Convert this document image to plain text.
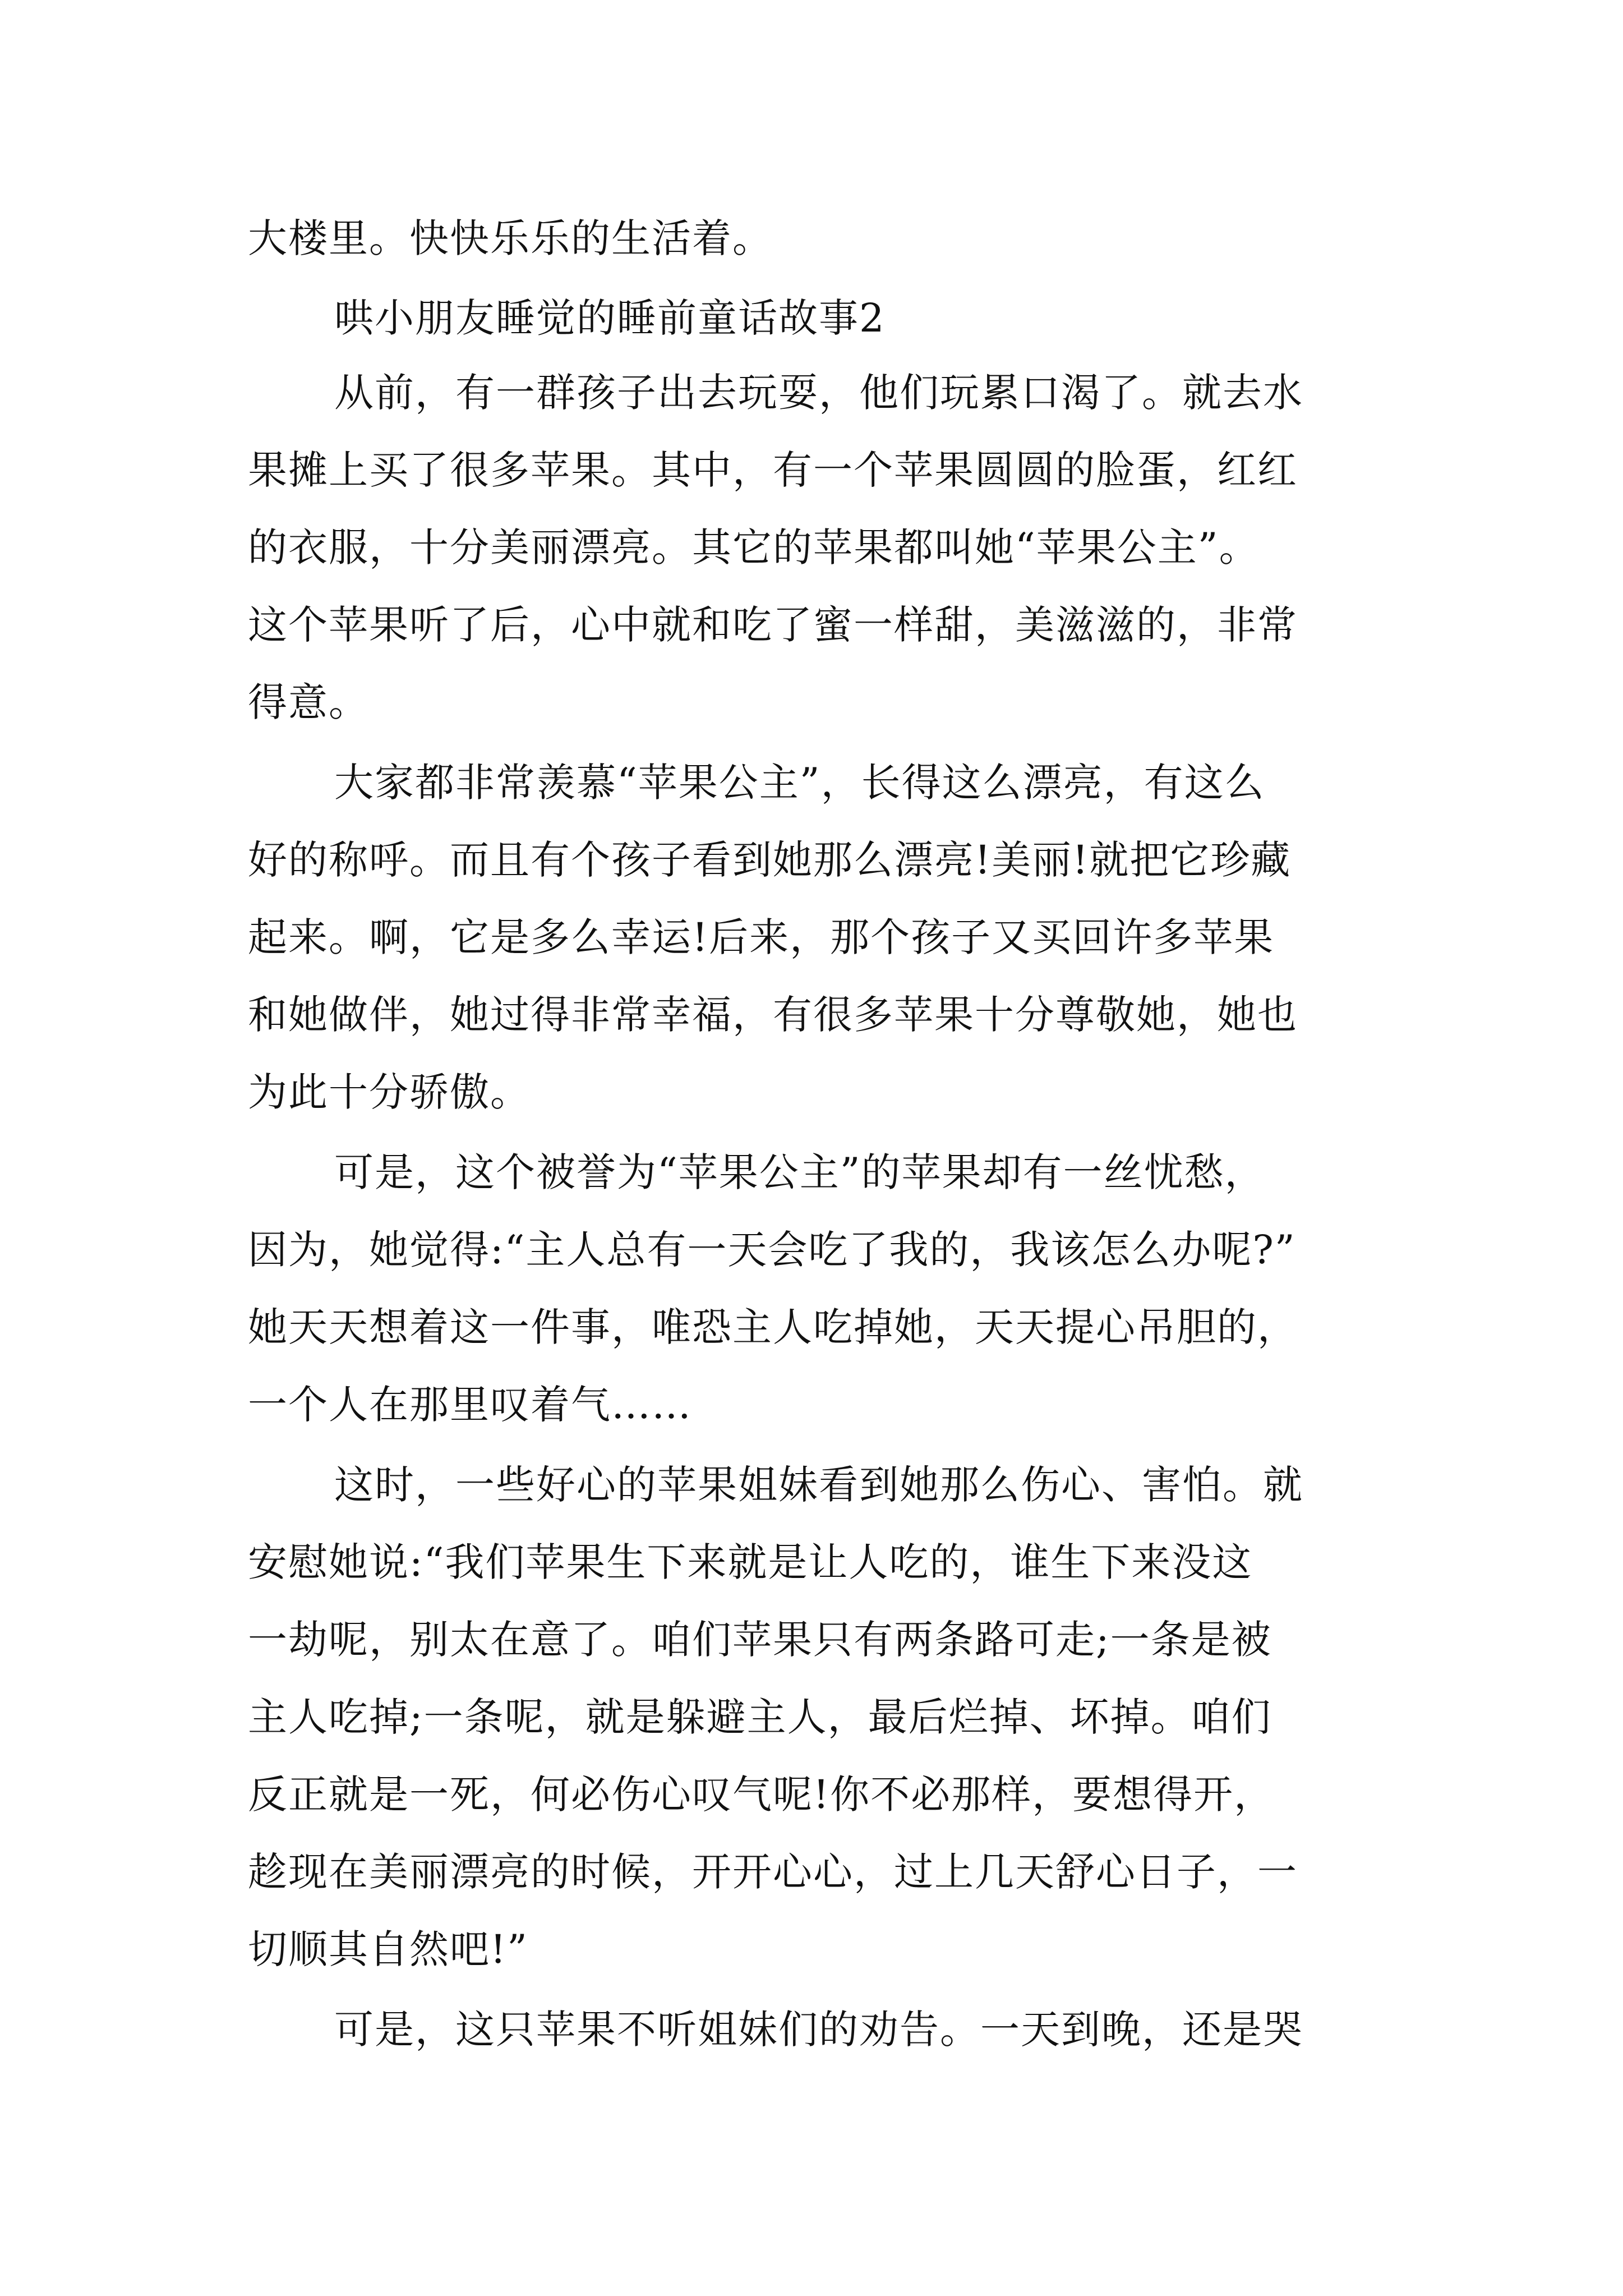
大楼里。快快乐乐的生活着。
哄小朋友睡觉的睡前童话故事2
从前，有一群孩子出去玩耍，他们玩累口渴了。就去水
果摊上买了很多苹果。其中，有一个苹果圆圆的脸蛋，红红
的衣服，十分美丽漂亮。其它的苹果都叫她“苹果公主”。
这个苹果听了后，心中就和吃了蜜一样甜，美滋滋的，非常
得意。
大家都非常羡慕“苹果公主”，长得这么漂亮，有这么
好的称呼。而且有个孩子看到她那么漂亮!美丽!就把它珍藏
起来。啊，它是多么幸运!后来，那个孩子又买回许多苹果
和她做伴，她过得非常幸福，有很多苹果十分尊敬她，她也
为此十分骄傲。
可是，这个被誉为“苹果公主”的苹果却有一丝忧愁，
因为，她觉得:“主人总有一天会吃了我的，我该怎么办呢?”
她天天想着这一件事，唯恐主人吃掉她，天天提心吊胆的，
一个人在那里叹着气……
这时，一些好心的苹果姐妹看到她那么伤心、害怕。就
安慰她说:“我们苹果生下来就是让人吃的，谁生下来没这
一劫呢，别太在意了。咱们苹果只有两条路可走;一条是被
主人吃掉;一条呢，就是躲避主人，最后烂掉、坏掉。咱们
反正就是一死，何必伤心叹气呢!你不必那样，要想得开，
趁现在美丽漂亮的时候，开开心心，过上几天舒心日子，一
切顺其自然吧!”
可是，这只苹果不听姐妹们的劝告。一天到晚，还是哭
